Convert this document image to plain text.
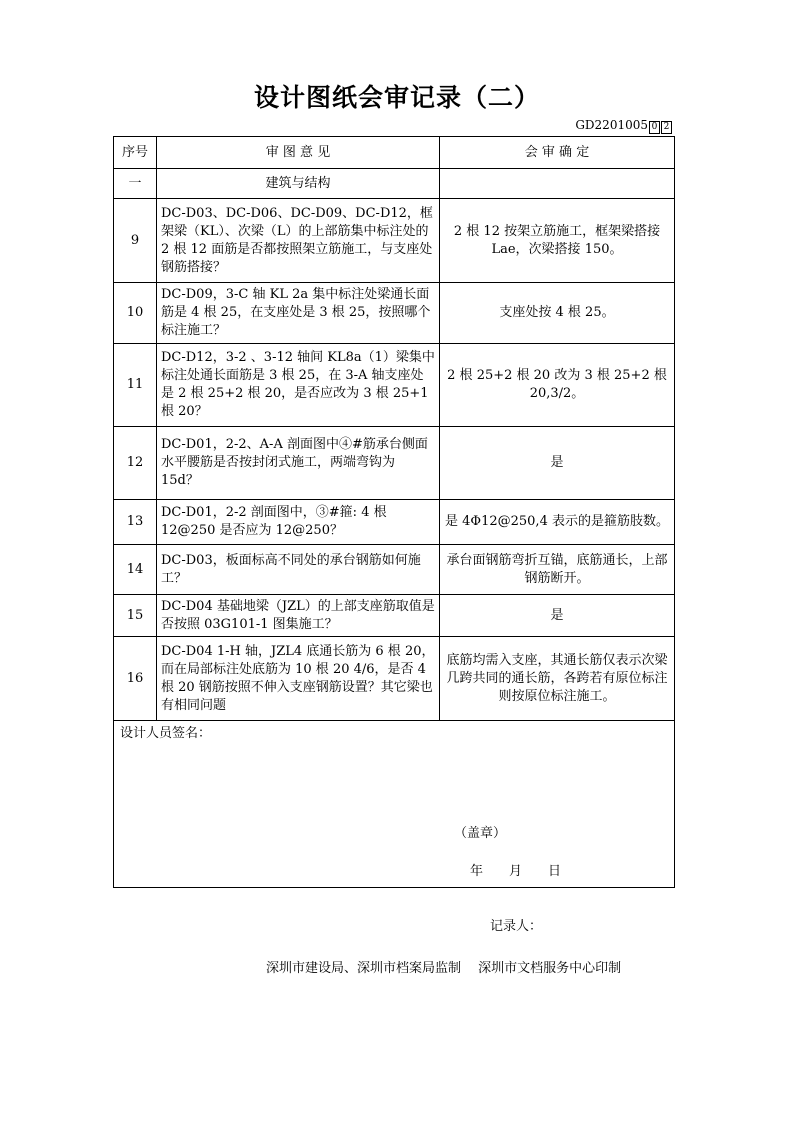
设计图纸会审记录（二）
GD2201005 0 2
序号	审 图 意 见	会 审 确 定
一	建筑与结构	
9	DC-D03、DC-D06、DC-D09、DC-D12，框架梁（KL）、次梁（L）的上部筋集中标注处的 2 根 12 面筋是否都按照架立筋施工，与支座处钢筋搭接？	2 根 12 按架立筋施工，框架梁搭接 Lae，次梁搭接 150。
10	DC-D09，3-C 轴 KL 2a 集中标注处梁通长面筋是 4 根 25，在支座处是 3 根 25，按照哪个标注施工？	支座处按 4 根 25。
11	DC-D12，3-2 、3-12 轴间 KL8a（1）梁集中标注处通长面筋是 3 根 25，在 3-A 轴支座处是 2 根 25+2 根 20，是否应改为 3 根 25+1 根 20？	2 根 25+2 根 20 改为 3 根 25+2 根 20,3/2。
12	DC-D01，2-2、A-A 剖面图中④#筋承台侧面水平腰筋是否按封闭式施工，两端弯钩为 15d？	是
13	DC-D01，2-2 剖面图中，③#箍: 4 根 12@250 是否应为 12@250？	是 4Φ12@250,4 表示的是箍筋肢数。
14	DC-D03，板面标高不同处的承台钢筋如何施工？	承台面钢筋弯折互锚，底筋通长，上部钢筋断开。
15	DC-D04 基础地梁（JZL）的上部支座筋取值是否按照 03G101-1 图集施工？	是
16	DC-D04 1-H 轴，JZL4 底通长筋为 6 根 20，而在局部标注处底筋为 10 根 20 4/6，是否 4 根 20 钢筋按照不伸入支座钢筋设置？其它梁也有相同问题	底筋均需入支座，其通长筋仅表示次梁几跨共同的通长筋，各跨若有原位标注则按原位标注施工。

设计人员签名：
（盖章）
年　　月　　日		
记录人：
深圳市建设局、深圳市档案局监制　 深圳市文档服务中心印制
